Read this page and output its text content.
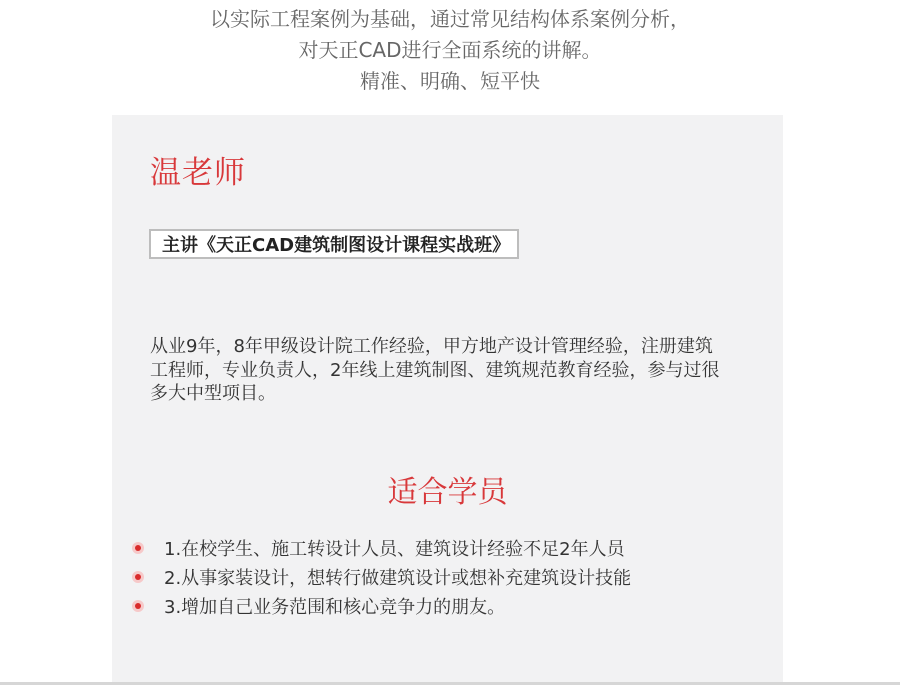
以实际工程案例为基础，通过常见结构体系案例分析，
对天正CAD进行全面系统的讲解。
精准、明确、短平快
温老师
主讲《天正CAD建筑制图设计课程实战班》
从业9年，8年甲级设计院工作经验，甲方地产设计管理经验，注册建筑
工程师，专业负责人，2年线上建筑制图、建筑规范教育经验，参与过很
多大中型项目。
适合学员
1.在校学生、施工转设计人员、建筑设计经验不足2年人员
2.从事家装设计，想转行做建筑设计或想补充建筑设计技能
3.增加自己业务范围和核心竞争力的朋友。
